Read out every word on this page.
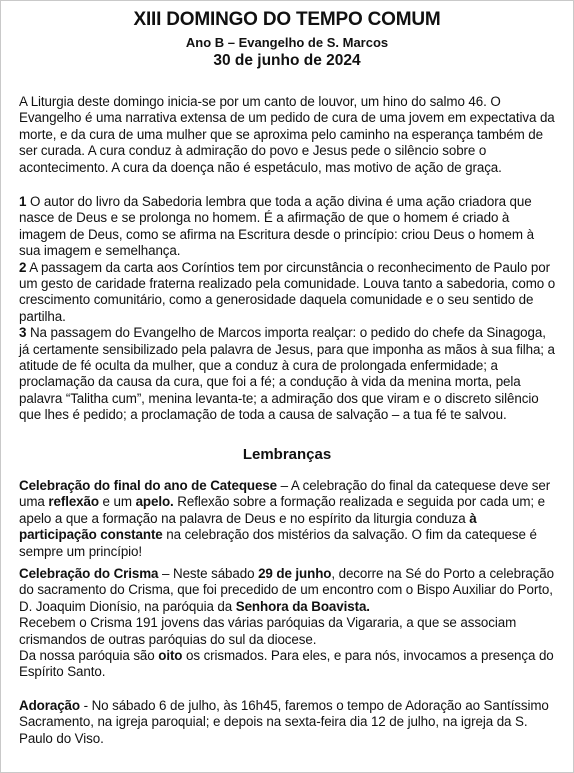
XIII DOMINGO DO TEMPO COMUM
Ano B – Evangelho de S. Marcos
30 de junho de 2024

A Liturgia deste domingo inicia-se por um canto de louvor, um hino do salmo 46. O Evangelho é uma narrativa extensa de um pedido de cura de uma jovem em expectativa da morte, e da cura de uma mulher que se aproxima pelo caminho na esperança também de ser curada. A cura conduz à admiração do povo e Jesus pede o silêncio sobre o acontecimento. A cura da doença não é espetáculo, mas motivo de ação de graça.

1 O autor do livro da Sabedoria lembra que toda a ação divina é uma ação criadora que nasce de Deus e se prolonga no homem. É a afirmação de que o homem é criado à imagem de Deus, como se afirma na Escritura desde o princípio: criou Deus o homem à sua imagem e semelhança.

2 A passagem da carta aos Coríntios tem por circunstância o reconhecimento de Paulo por um gesto de caridade fraterna realizado pela comunidade. Louva tanto a sabedoria, como o crescimento comunitário, como a generosidade daquela comunidade e o seu sentido de partilha.

3 Na passagem do Evangelho de Marcos importa realçar: o pedido do chefe da Sinagoga, já certamente sensibilizado pela palavra de Jesus, para que imponha as mãos à sua filha; a atitude de fé oculta da mulher, que a conduz à cura de prolongada enfermidade; a proclamação da causa da cura, que foi a fé; a condução à vida da menina morta, pela palavra “Talitha cum”, menina levanta-te; a admiração dos que viram e o discreto silêncio que lhes é pedido; a proclamação de toda a causa de salvação – a tua fé te salvou.

Lembranças

Celebração do final do ano de Catequese – A celebração do final da catequese deve ser uma reflexão e um apelo. Reflexão sobre a formação realizada e seguida por cada um; e apelo a que a formação na palavra de Deus e no espírito da liturgia conduza à participação constante na celebração dos mistérios da salvação. O fim da catequese é sempre um princípio!

Celebração do Crisma – Neste sábado 29 de junho, decorre na Sé do Porto a celebração do sacramento do Crisma, que foi precedido de um encontro com o Bispo Auxiliar do Porto, D. Joaquim Dionísio, na paróquia da Senhora da Boavista.

Recebem o Crisma 191 jovens das várias paróquias da Vigararia, a que se associam crismandos de outras paróquias do sul da diocese.

Da nossa paróquia são oito os crismados. Para eles, e para nós, invocamos a presença do Espírito Santo.

Adoração - No sábado 6 de julho, às 16h45, faremos o tempo de Adoração ao Santíssimo Sacramento, na igreja paroquial; e depois na sexta-feira dia 12 de julho, na igreja da S. Paulo do Viso.
